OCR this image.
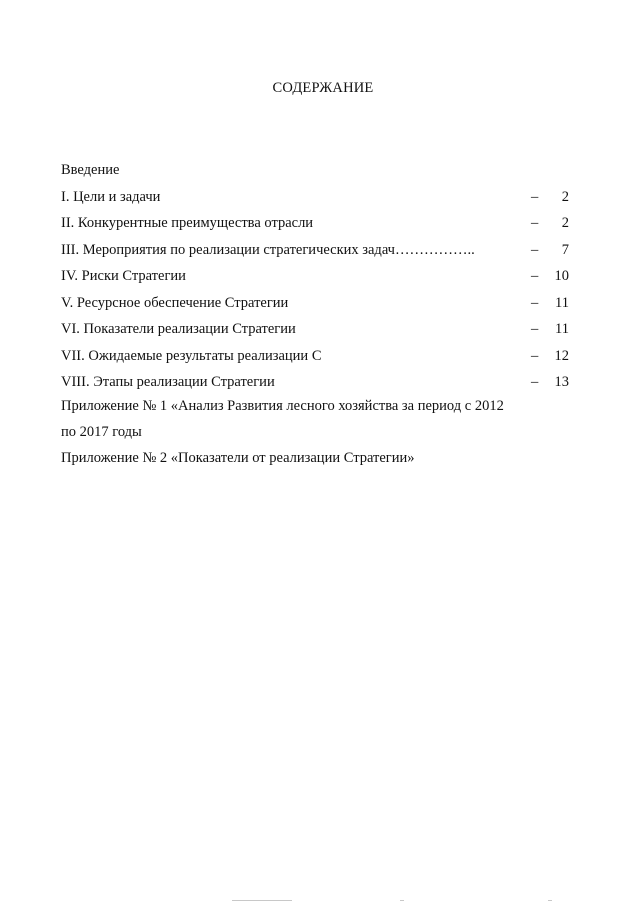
СОДЕРЖАНИЕ
Введение
I. Цели и задачи	– 2
II. Конкурентные преимущества отрасли	– 2
III. Мероприятия по реализации стратегических задач……………..	– 7
IV. Риски Стратегии	– 10
V. Ресурсное обеспечение Стратегии	– 11
VI. Показатели реализации Стратегии	– 11
VII. Ожидаемые результаты реализации С	– 12
VIII. Этапы реализации Стратегии	– 13
Приложение № 1 «Анализ Развития лесного хозяйства за период с 2012
по 2017 годы
Приложение № 2 «Показатели от реализации Стратегии»
